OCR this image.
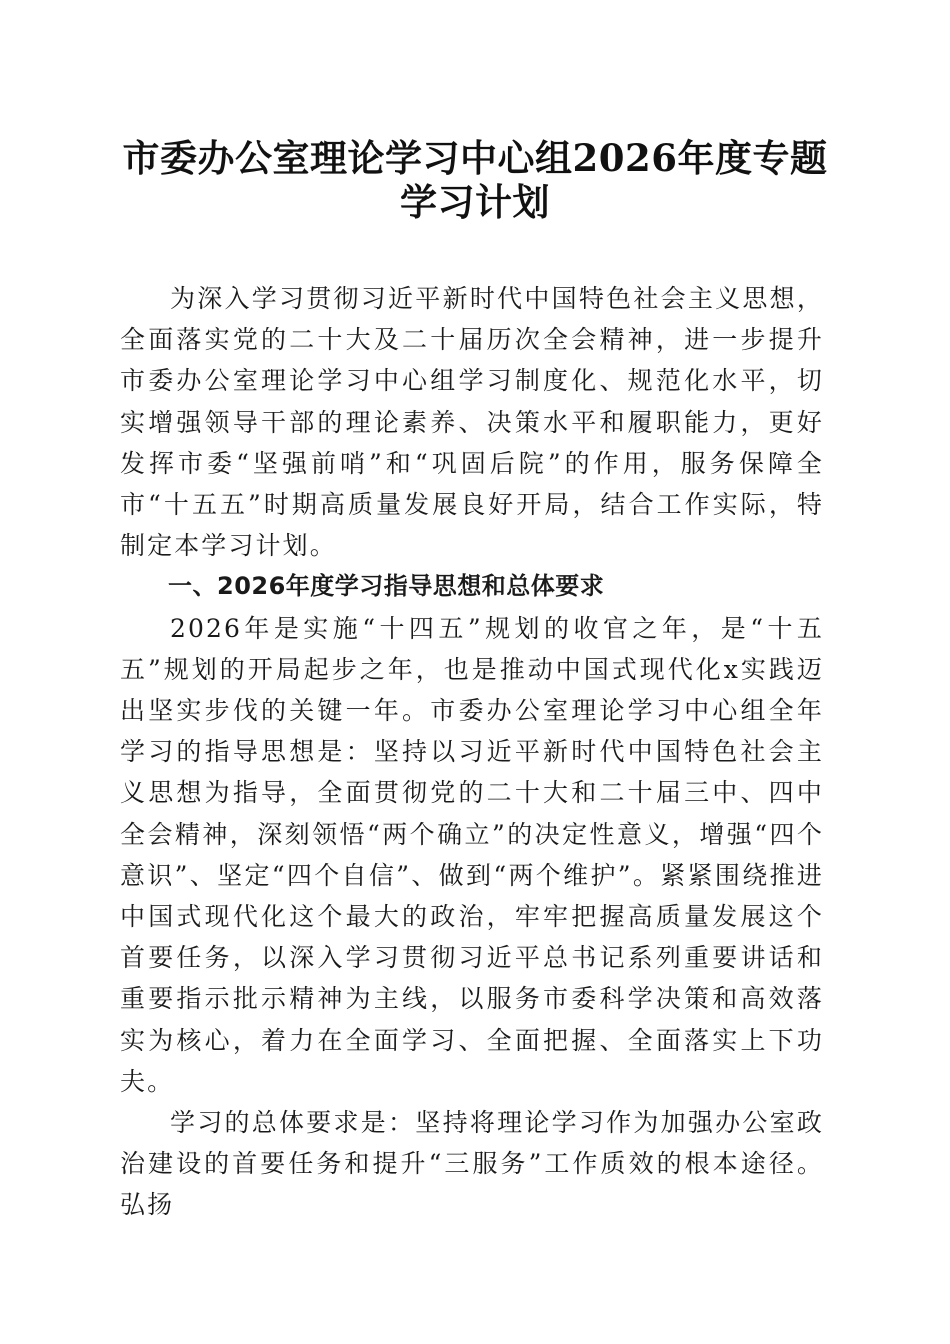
市委办公室理论学习中心组2026年度专题学习计划

为深入学习贯彻习近平新时代中国特色社会主义思想，全面落实党的二十大及二十届历次全会精神，进一步提升市委办公室理论学习中心组学习制度化、规范化水平，切实增强领导干部的理论素养、决策水平和履职能力，更好发挥市委“坚强前哨”和“巩固后院”的作用，服务保障全市“十五五”时期高质量发展良好开局，结合工作实际，特制定本学习计划。

一、2026年度学习指导思想和总体要求

2026年是实施“十四五”规划的收官之年，是“十五五”规划的开局起步之年，也是推动中国式现代化x实践迈出坚实步伐的关键一年。市委办公室理论学习中心组全年学习的指导思想是：坚持以习近平新时代中国特色社会主义思想为指导，全面贯彻党的二十大和二十届三中、四中全会精神，深刻领悟“两个确立”的决定性意义，增强“四个意识”、坚定“四个自信”、做到“两个维护”。紧紧围绕推进中国式现代化这个最大的政治，牢牢把握高质量发展这个首要任务，以深入学习贯彻习近平总书记系列重要讲话和重要指示批示精神为主线，以服务市委科学决策和高效落实为核心，着力在全面学习、全面把握、全面落实上下功夫。

学习的总体要求是：坚持将理论学习作为加强办公室政治建设的首要任务和提升“三服务”工作质效的根本途径。弘扬
